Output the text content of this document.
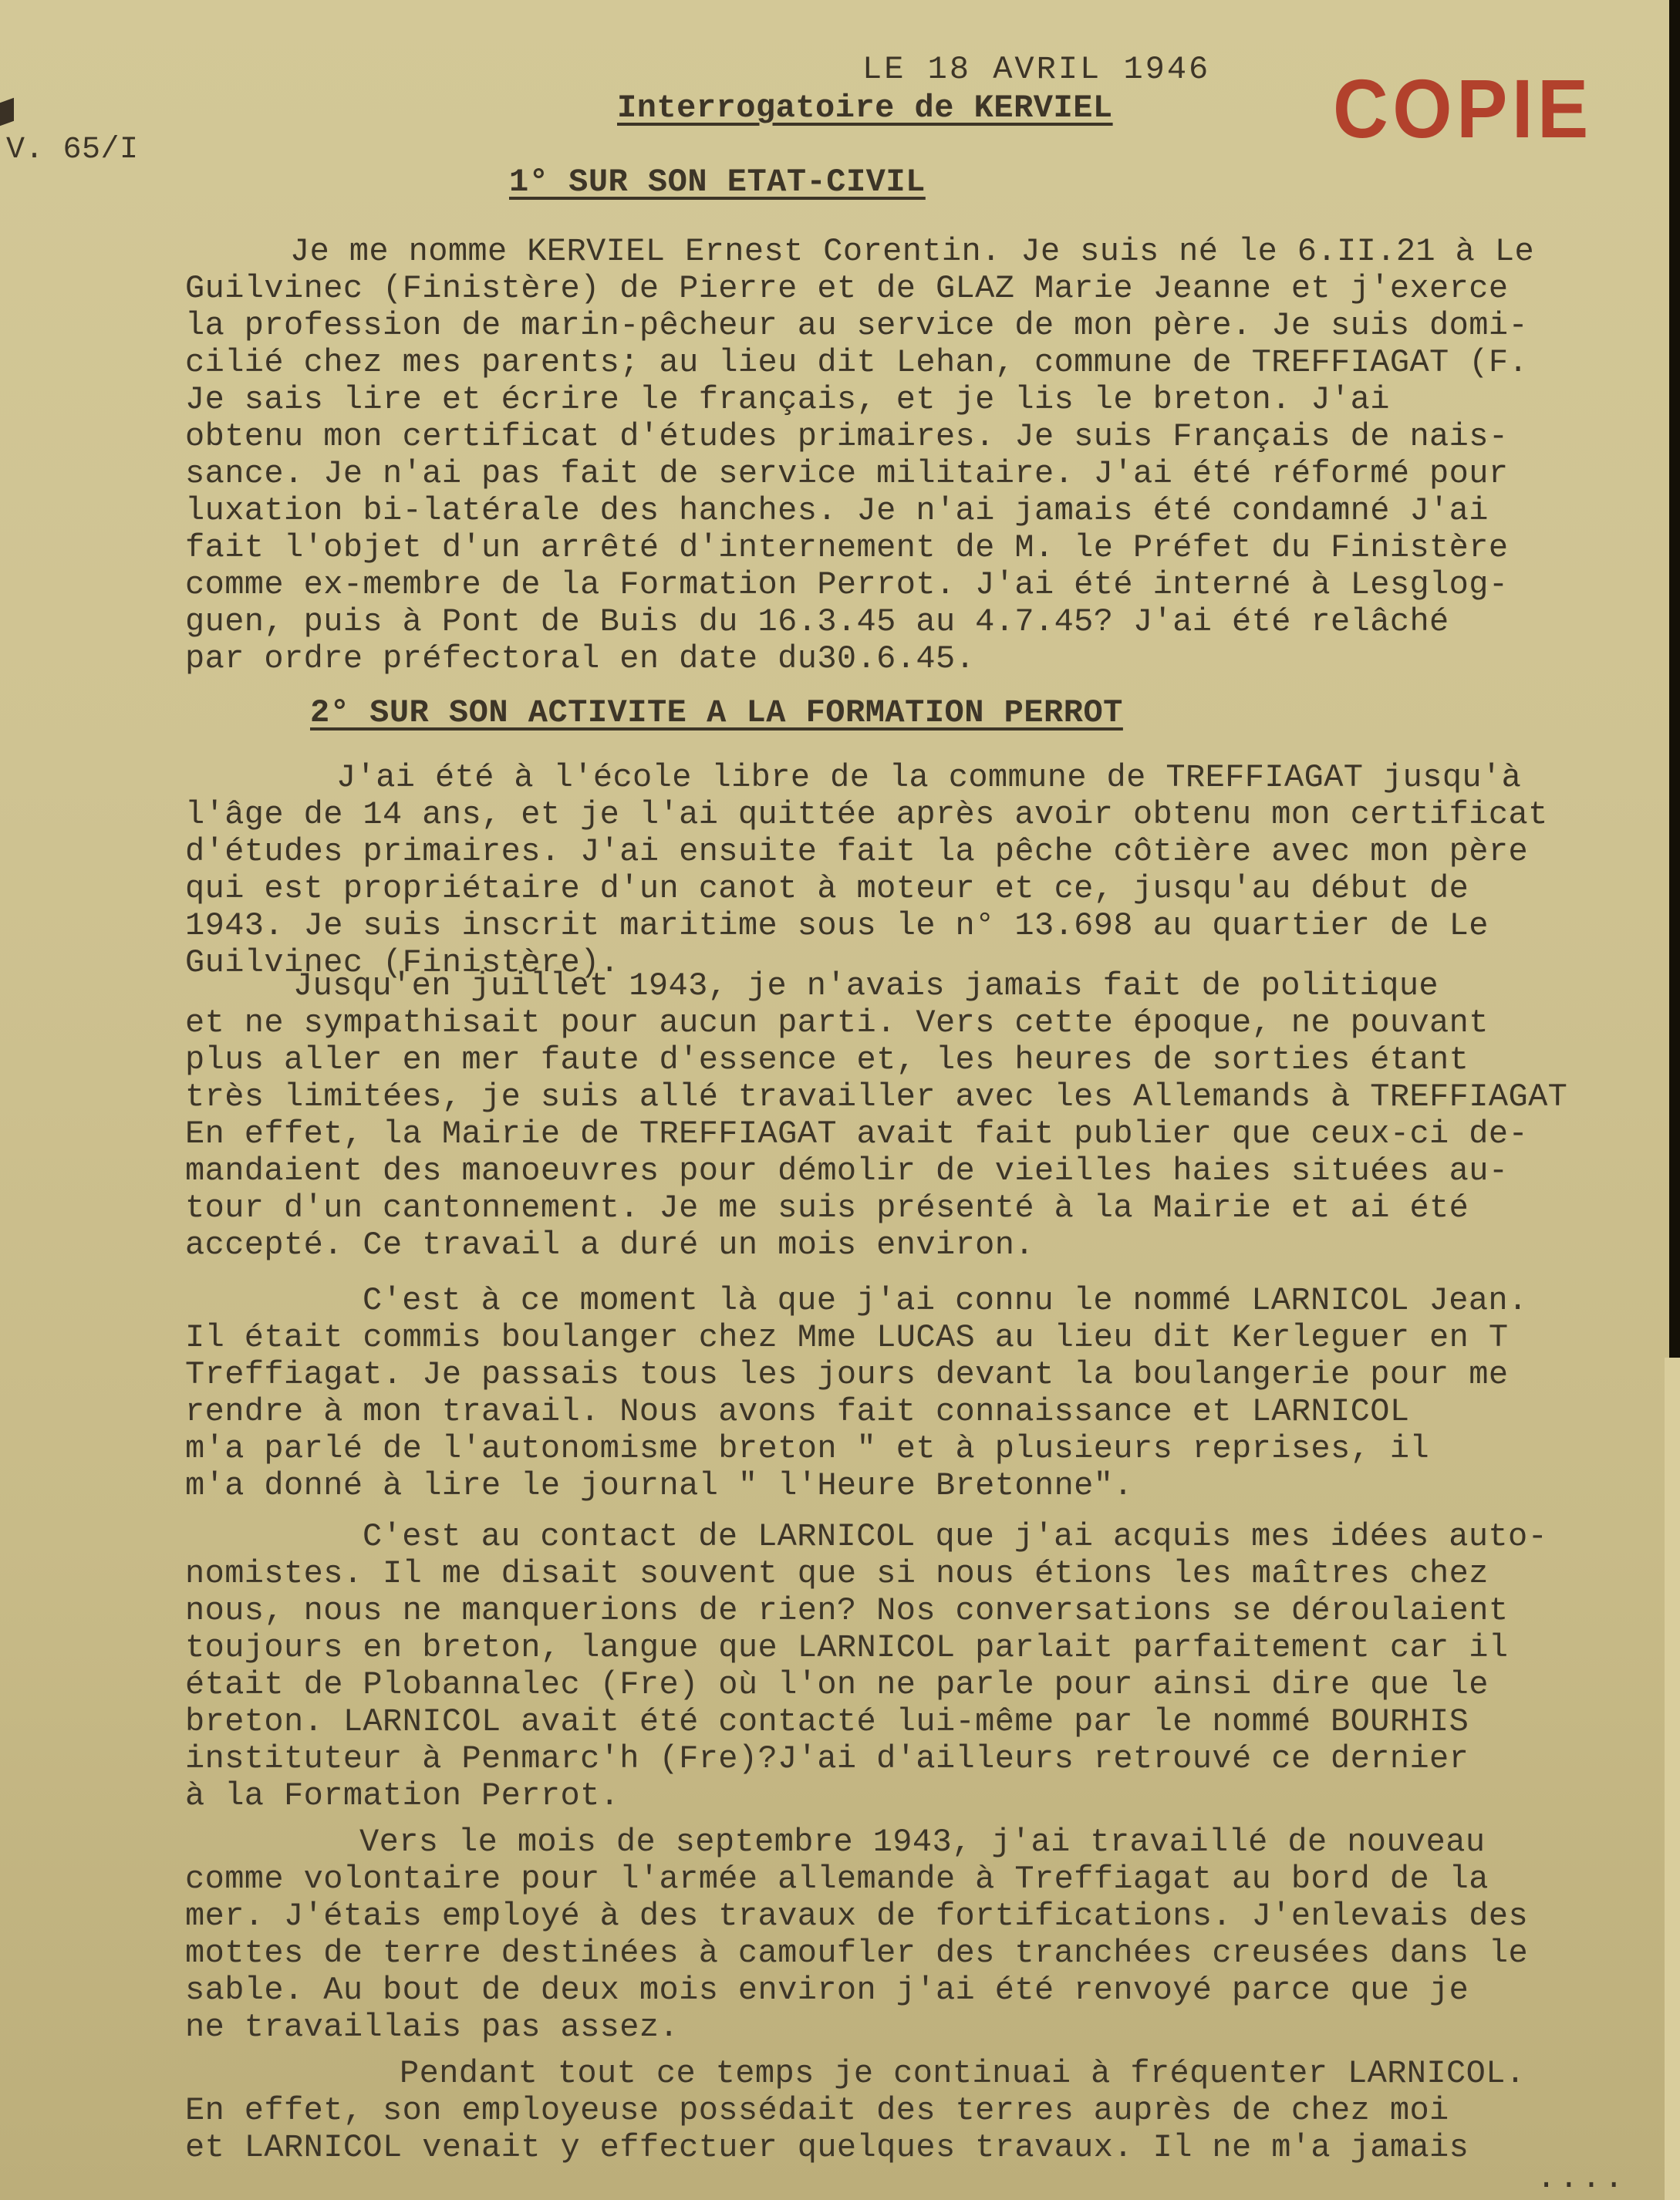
V. 65/I
LE 18 AVRIL 1946
Interrogatoire de KERVIEL	COPIE
1° SUR SON ETAT-CIVIL
Je me nomme KERVIEL Ernest Corentin. Je suis né le 6.II.21 à Le
Guilvinec (Finistère) de Pierre et de GLAZ Marie Jeanne et j'exerce
la profession de marin-pêcheur au service de mon père. Je suis domi-
cilié chez mes parents; au lieu dit Lehan, commune de TREFFIAGAT (F.
Je sais lire et écrire le français, et je lis le breton. J'ai
obtenu mon certificat d'études primaires. Je suis Français de nais-
sance. Je n'ai pas fait de service militaire. J'ai été réformé pour
luxation bi-latérale des hanches. Je n'ai jamais été condamné J'ai
fait l'objet d'un arrêté d'internement de M. le Préfet du Finistère
comme ex-membre de la Formation Perrot. J'ai été interné à Lesglog-
guen, puis à Pont de Buis du 16.3.45 au 4.7.45? J'ai été relâché
par ordre préfectoral en date du30.6.45.
2° SUR SON ACTIVITE A LA FORMATION PERROT
J'ai été à l'école libre de la commune de TREFFIAGAT jusqu'à
l'âge de 14 ans, et je l'ai quittée après avoir obtenu mon certificat
d'études primaires. J'ai ensuite fait la pêche côtière avec mon père
qui est propriétaire d'un canot à moteur et ce, jusqu'au début de
1943. Je suis inscrit maritime sous le n° 13.698 au quartier de Le
Guilvinec (Finistère).
Jusqu'en juillet 1943, je n'avais jamais fait de politique
et ne sympathisait pour aucun parti. Vers cette époque, ne pouvant
plus aller en mer faute d'essence et, les heures de sorties étant
très limitées, je suis allé travailler avec les Allemands à TREFFIAGAT
En effet, la Mairie de TREFFIAGAT avait fait publier que ceux-ci de-
mandaient des manoeuvres pour démolir de vieilles haies situées au-
tour d'un cantonnement. Je me suis présenté à la Mairie et ai été
accepté. Ce travail a duré un mois environ.
C'est à ce moment là que j'ai connu le nommé LARNICOL Jean.
Il était commis boulanger chez Mme LUCAS au lieu dit Kerleguer en T
Treffiagat. Je passais tous les jours devant la boulangerie pour me
rendre à mon travail. Nous avons fait connaissance et LARNICOL
m'a parlé de l'autonomisme breton " et à plusieurs reprises, il
m'a donné à lire le journal " l'Heure Bretonne".
C'est au contact de LARNICOL que j'ai acquis mes idées auto-
nomistes. Il me disait souvent que si nous étions les maîtres chez
nous, nous ne manquerions de rien? Nos conversations se déroulaient
toujours en breton, langue que LARNICOL parlait parfaitement car il
était de Plobannalec (Fre) où l'on ne parle pour ainsi dire que le
breton. LARNICOL avait été contacté lui-même par le nommé BOURHIS
instituteur à Penmarc'h (Fre)?J'ai d'ailleurs retrouvé ce dernier
à la Formation Perrot.
Vers le mois de septembre 1943, j'ai travaillé de nouveau
comme volontaire pour l'armée allemande à Treffiagat au bord de la
mer. J'étais employé à des travaux de fortifications. J'enlevais des
mottes de terre destinées à camoufler des tranchées creusées dans le
sable. Au bout de deux mois environ j'ai été renvoyé parce que je
ne travaillais pas assez.
Pendant tout ce temps je continuai à fréquenter LARNICOL.
En effet, son employeuse possédait des terres auprès de chez moi
et LARNICOL venait y effectuer quelques travaux. Il ne m'a jamais
....
